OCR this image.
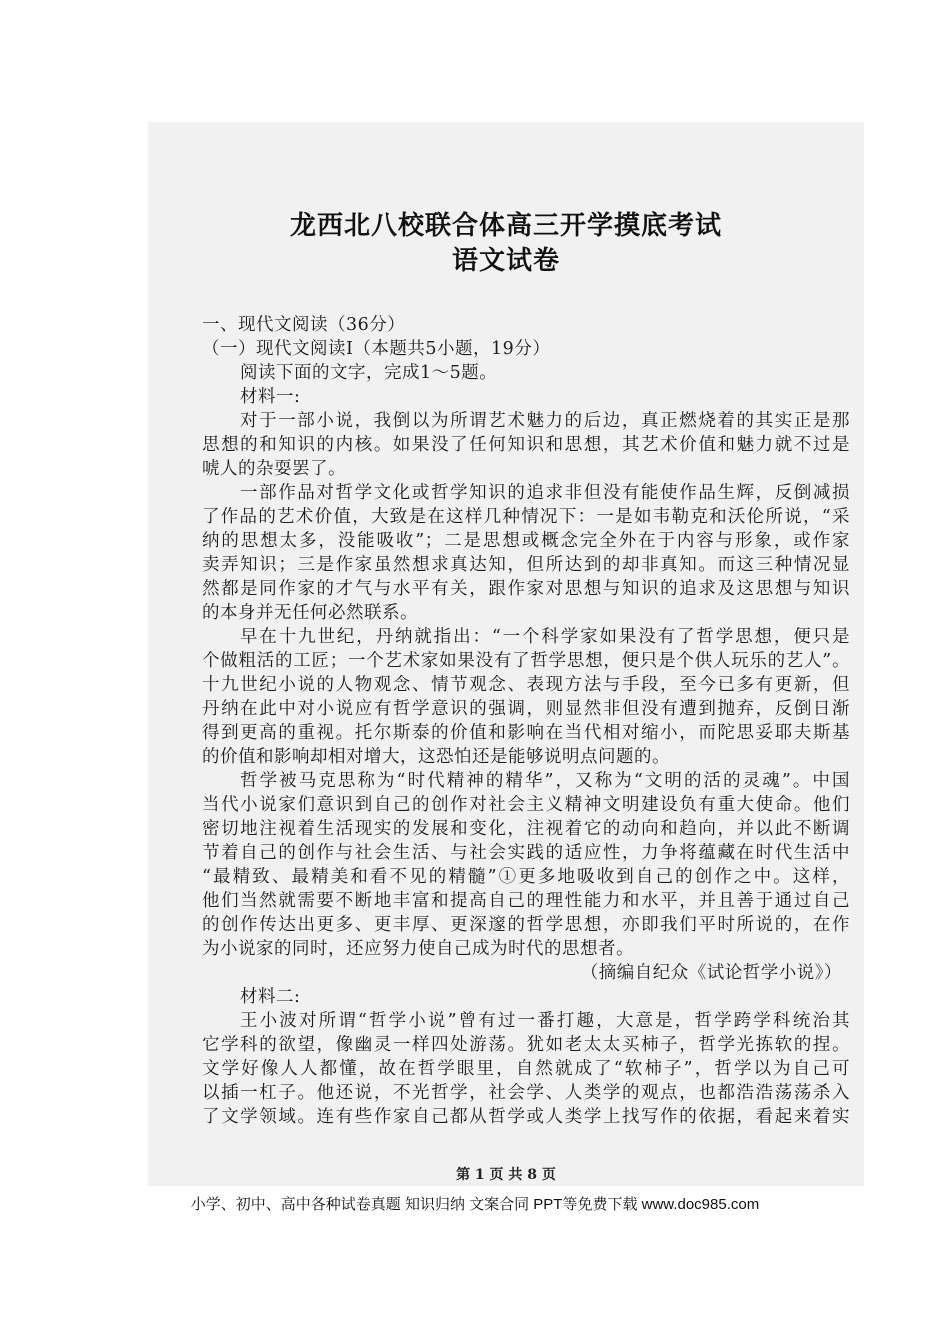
龙西北八校联合体高三开学摸底考试
语文试卷
一、现代文阅读（36分）
（一）现代文阅读I（本题共5小题，19分）
阅读下面的文字，完成1～5题。
材料一:
对于一部小说，我倒以为所谓艺术魅力的后边，真正燃烧着的其实正是那
思想的和知识的内核。如果没了任何知识和思想，其艺术价值和魅力就不过是
唬人的杂耍罢了。
一部作品对哲学文化或哲学知识的追求非但没有能使作品生辉，反倒减损
了作品的艺术价值，大致是在这样几种情况下：一是如韦勒克和沃伦所说，“采
纳的思想太多，没能吸收”；二是思想或概念完全外在于内容与形象，或作家
卖弄知识；三是作家虽然想求真达知，但所达到的却非真知。而这三种情况显
然都是同作家的才气与水平有关，跟作家对思想与知识的追求及这思想与知识
的本身并无任何必然联系。
早在十九世纪，丹纳就指出：“一个科学家如果没有了哲学思想，便只是
个做粗活的工匠；一个艺术家如果没有了哲学思想，便只是个供人玩乐的艺人”。
十九世纪小说的人物观念、情节观念、表现方法与手段，至今已多有更新，但
丹纳在此中对小说应有哲学意识的强调，则显然非但没有遭到抛弃，反倒日渐
得到更高的重视。托尔斯泰的价值和影响在当代相对缩小，而陀思妥耶夫斯基
的价值和影响却相对增大，这恐怕还是能够说明点问题的。
哲学被马克思称为“时代精神的精华”，又称为“文明的活的灵魂”。中国
当代小说家们意识到自己的创作对社会主义精神文明建设负有重大使命。他们
密切地注视着生活现实的发展和变化，注视着它的动向和趋向，并以此不断调
节着自己的创作与社会生活、与社会实践的适应性，力争将蕴藏在时代生活中
“最精致、最精美和看不见的精髓”①更多地吸收到自己的创作之中。这样，
他们当然就需要不断地丰富和提高自己的理性能力和水平，并且善于通过自己
的创作传达出更多、更丰厚、更深邃的哲学思想，亦即我们平时所说的，在作
为小说家的同时，还应努力使自己成为时代的思想者。
（摘编自纪众《试论哲学小说》）
材料二:
王小波对所谓“哲学小说”曾有过一番打趣，大意是，哲学跨学科统治其
它学科的欲望，像幽灵一样四处游荡。犹如老太太买柿子，哲学光拣软的捏。
文学好像人人都懂，故在哲学眼里，自然就成了“软柿子”，哲学以为自己可
以插一杠子。他还说，不光哲学，社会学、人类学的观点，也都浩浩荡荡杀入
了文学领域。连有些作家自己都从哲学或人类学上找写作的依据，看起来着实
第 1 页 共 8 页
小学、初中、高中各种试卷真题 知识归纳 文案合同 PPT等免费下载 www.doc985.com
